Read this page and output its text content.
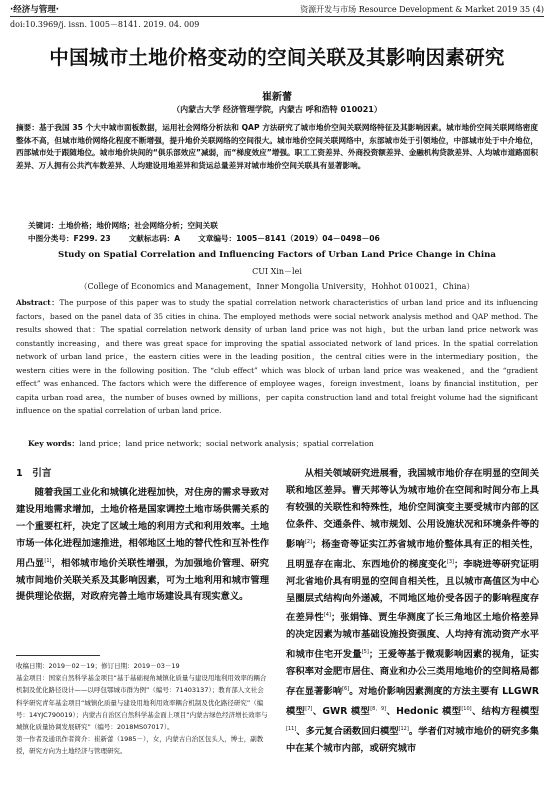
·经济与管理·	资源开发与市场 Resource Development & Market 2019 35 (4)
doi:10.3969/j. issn. 1005－8141. 2019. 04. 009
中国城市土地价格变动的空间关联及其影响因素研究
崔新蕾
（内蒙古大学 经济管理学院，内蒙古 呼和浩特 010021）
摘要：基于我国 35 个大中城市面板数据，运用社会网络分析法和 QAP 方法研究了城市地价空间关联网络特征及其影响因素。城市地价空间关联网络密度整体不高，但城市地价网络化程度不断增强，提升地价关联网络的空间很大。城市地价空间关联网络中，东部城市处于引领地位，中部城市处于中介地位，西部城市处于跟随地位。城市地价块间的“俱乐部效应”减弱，而“梯度效应”增强。职工工资差异、外商投资额差异、金融机构贷款差异、人均城市道路面积差异、万人拥有公共汽车数差异、人均建设用地差异和货运总量差异对城市地价空间关联具有显著影响。
关键词：土地价格；地价网络；社会网络分析；空间关联
中图分类号：F299. 23 文献标志码：A 文章编号：1005－8141（2019）04－0498－06
Study on Spatial Correlation and Influencing Factors of Urban Land Price Change in China
CUI Xin－lei
（College of Economics and Management，Inner Mongolia University，Hohhot 010021，China）
Abstract：The purpose of this paper was to study the spatial correlation network characteristics of urban land price and its influencing factors，based on the panel data of 35 cities in china. The employed methods were social network analysis method and QAP method. The results showed that：The spatial correlation network density of urban land price was not high，but the urban land price network was constantly increasing，and there was great space for improving the spatial associated network of land prices. In the spatial correlation network of urban land price，the eastern cities were in the leading position，the central cities were in the intermediary position，the western cities were in the following position. The “club effect” which was block of urban land price was weakened，and the “gradient effect” was enhanced. The factors which were the difference of employee wages，foreign investment，loans by financial institution，per capita urban road area，the number of buses owned by millions，per capita construction land and total freight volume had the significant influence on the spatial correlation of urban land price.
Key words：land price；land price network；social network analysis；spatial correlation
1　引言

随着我国工业化和城镇化进程加快，对住房的需求导致对建设用地需求增加，土地价格是国家调控土地市场供需关系的一个重要杠杆，决定了区域土地的利用方式和利用效率。土地市场一体化进程加速推进，相邻地区土地的替代性和互补性作用凸显[1]，相邻城市地价关联性增强，为加强地价管理、研究城市间地价关联关系及其影响因素，可为土地利用和城市管理提供理论依据，对政府完善土地市场建设具有现实意义。

收稿日期：2019－02－19；修订日期：2019－03－19

基金项目：国家自然科学基金项目“基于基础视角城镇化质量与建设用地利用效率的耦合机制及优化路径设计——以呼包鄂城市群为例”（编号：71403137）；教育部人文社会科学研究青年基金项目“城镇化质量与建设用地利用效率耦合机制及优化路径研究”（编号：14YJC790019）；内蒙古自治区自然科学基金面上项目“内蒙古绿色经济增长效率与城镇化质量协调发展研究”（编号：2018MS07017）。

第一作者及通讯作者简介：崔新蕾（1985－），女，内蒙古自治区包头人，博士，副教授，研究方向为土地经济与管理研究。

从相关领域研究进展看，我国城市地价存在明显的空间关联和地区差异。曹天邦等认为城市地价在空间和时间分布上具有较强的关联性和特殊性，地价空间演变主要受城市内部的区位条件、交通条件、城市规划、公用设施状况和环境条件等的影响[2]；杨奎奇等证实江苏省城市地价整体具有正的相关性，且明显存在南北、东西地价的梯度变化[3]；李晓进等研究证明河北省地价具有明显的空间自相关性，且以城市高值区为中心呈圈层式结构向外递减，不同地区地价受各因子的影响程度存在差异性[4]；张娟锋、贾生华测度了长三角地区土地价格差异的决定因素为城市基础设施投资强度、人均持有流动资产水平和城市住宅开发量[5]；王爱等基于微观影响因素的视角，证实容积率对金肥市居住、商业和办公三类用地地价的空间格局都存在显著影响[6]。对地价影响因素测度的方法主要有 LLGWR 模型[7]、GWR 模型[8，9]、Hedonic 模型[10]、结构方程模型[11]、多元复合函数回归模型[12]。学者们对城市地价的研究多集中在某个城市内部，或研究城市
